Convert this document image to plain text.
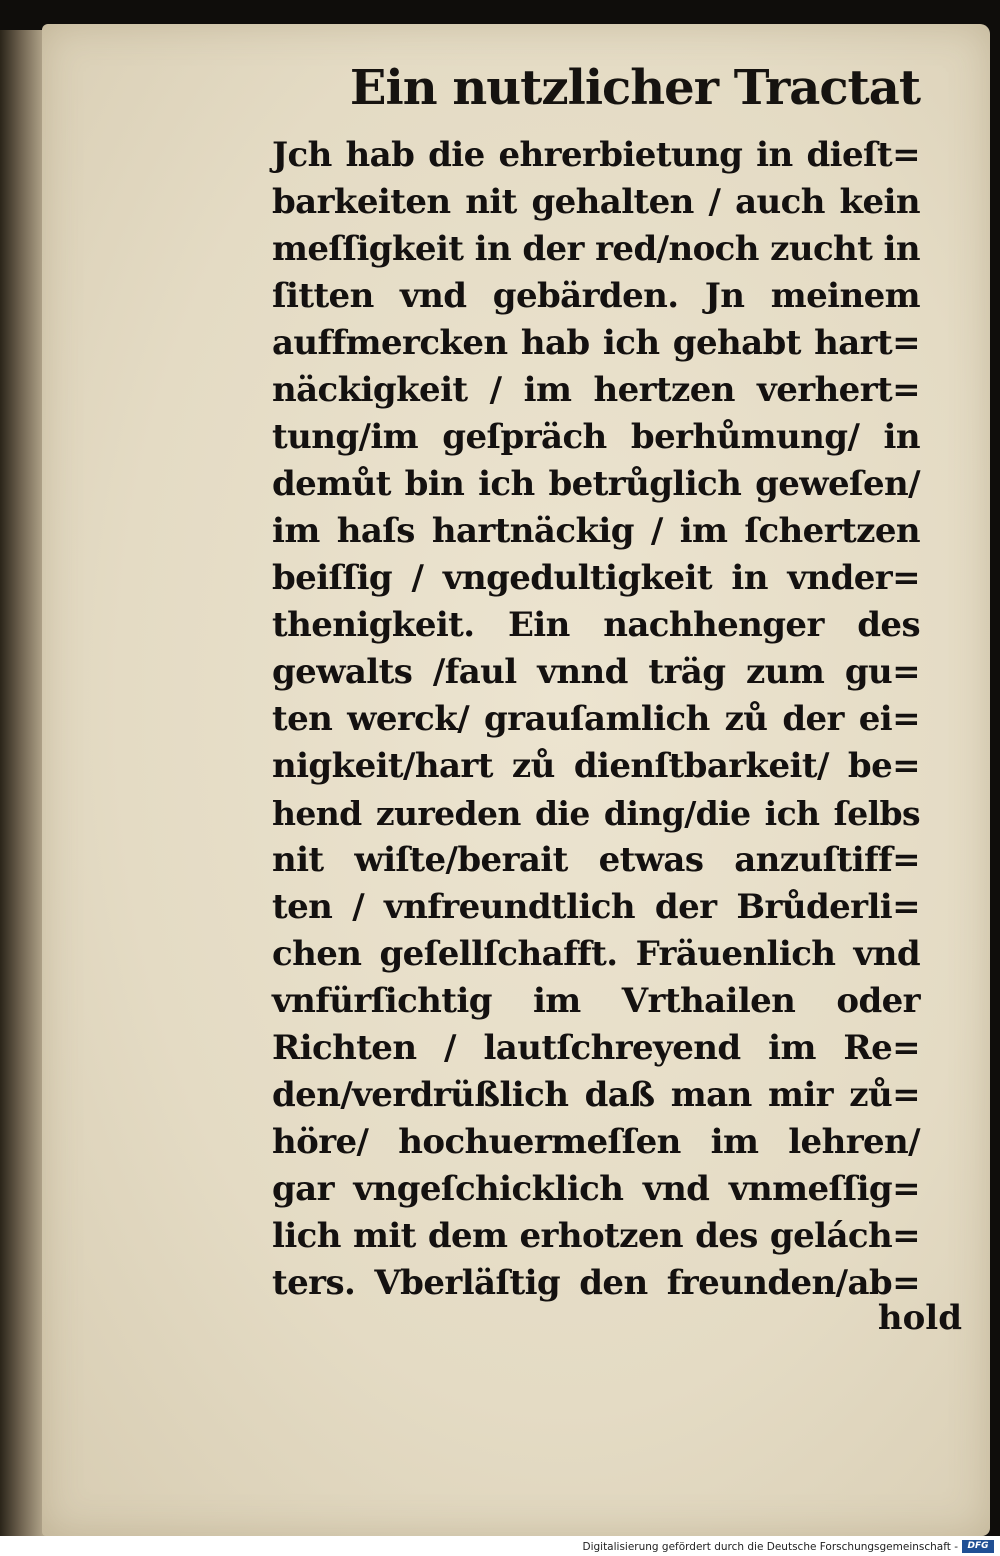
Ein nutzlicher Tractat
Jch hab die ehrerbietung in dieſt=
barkeiten nit gehalten / auch kein
meſſigkeit in der red/noch zucht in
ſitten vnd gebärden. Jn meinem
auffmercken hab ich gehabt hart=
näckigkeit / im hertzen verhert=
tung/im geſpräch berhůmung/ in
demůt bin ich betrůglich geweſen/
im haſs hartnäckig / im ſchertzen
beiſſig / vngedultigkeit in vnder=
thenigkeit. Ein nachhenger des
gewalts /faul vnnd träg zum gu=
ten werck/ grauſamlich zů der ei=
nigkeit/hart zů dienſtbarkeit/ be=
hend zureden die ding/die ich ſelbs
nit wiſte/berait etwas anzuſtiff=
ten / vnfreundtlich der Brůderli=
chen geſellſchafft. Fräuenlich vnd
vnfürſichtig im Vrthailen oder
Richten / lautſchreyend im Re=
den/verdrüßlich daß man mir zů=
höre/ hochuermeſſen im lehren/
gar vngeſchicklich vnd vnmeſſig=
lich mit dem erhotzen des gelách=
ters. Vberläſtig den freunden/ab=
hold
Digitalisierung gefördert durch die Deutsche Forschungsgemeinschaft -	DFG
